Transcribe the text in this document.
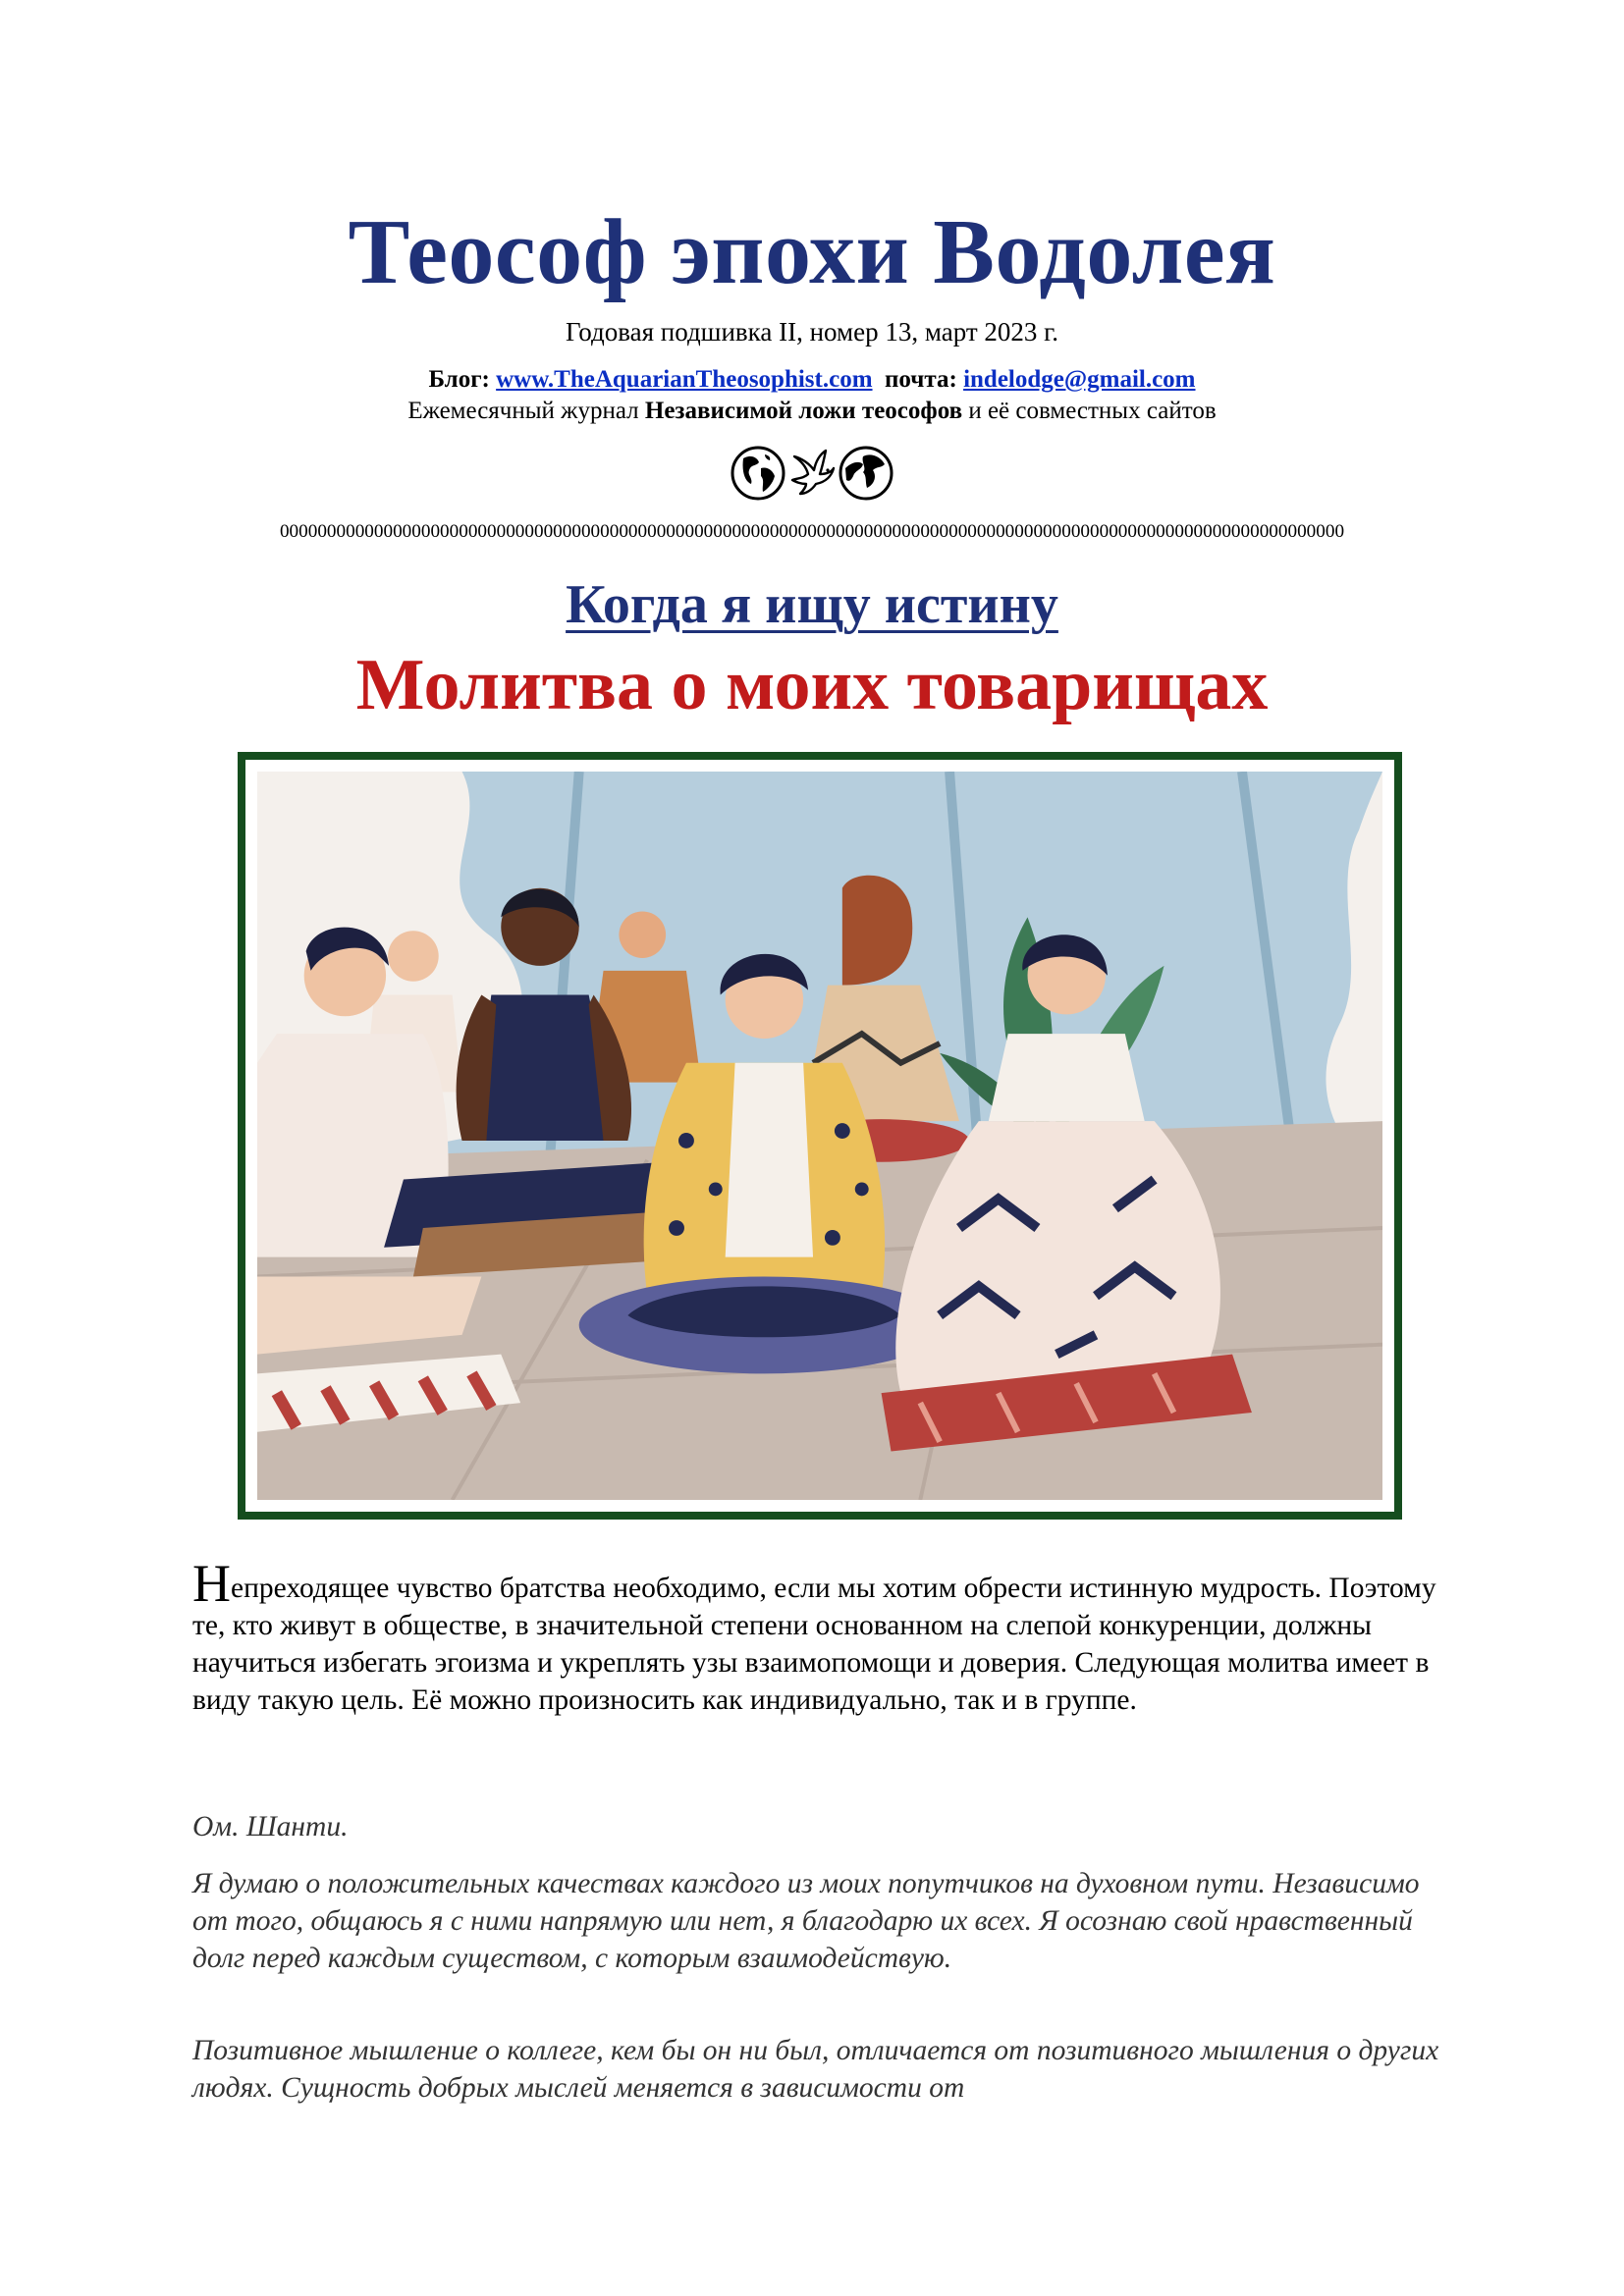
Теософ эпохи Водолея
Годовая подшивка II, номер 13, март 2023 г.
Блог: www.TheAquarianTheosophist.com почта: indelodge@gmail.com
Ежемесячный журнал Независимой ложи теософов и её совместных сайтов
00000000000000000000000000000000000000000000000000000000000000000000000000000000000000000000000000000000000000000
Когда я ищу истину
Молитва о моих товарищах
Непреходящее чувство братства необходимо, если мы хотим обрести истинную мудрость. Поэтому те, кто живут в обществе, в значительной степени основанном на слепой конкуренции, должны научиться избегать эгоизма и укреплять узы взаимопомощи и доверия. Следующая молитва имеет в виду такую цель. Её можно произносить как индивидуально, так и в группе.
Ом. Шанти.
Я думаю о положительных качествах каждого из моих попутчиков на духовном пути. Независимо от того, общаюсь я с ними напрямую или нет, я благодарю их всех. Я осознаю свой нравственный долг перед каждым существом, с которым взаимодействую.
Позитивное мышление о коллеге, кем бы он ни был, отличается от позитивного мышления о других людях. Сущность добрых мыслей меняется в зависимости от
